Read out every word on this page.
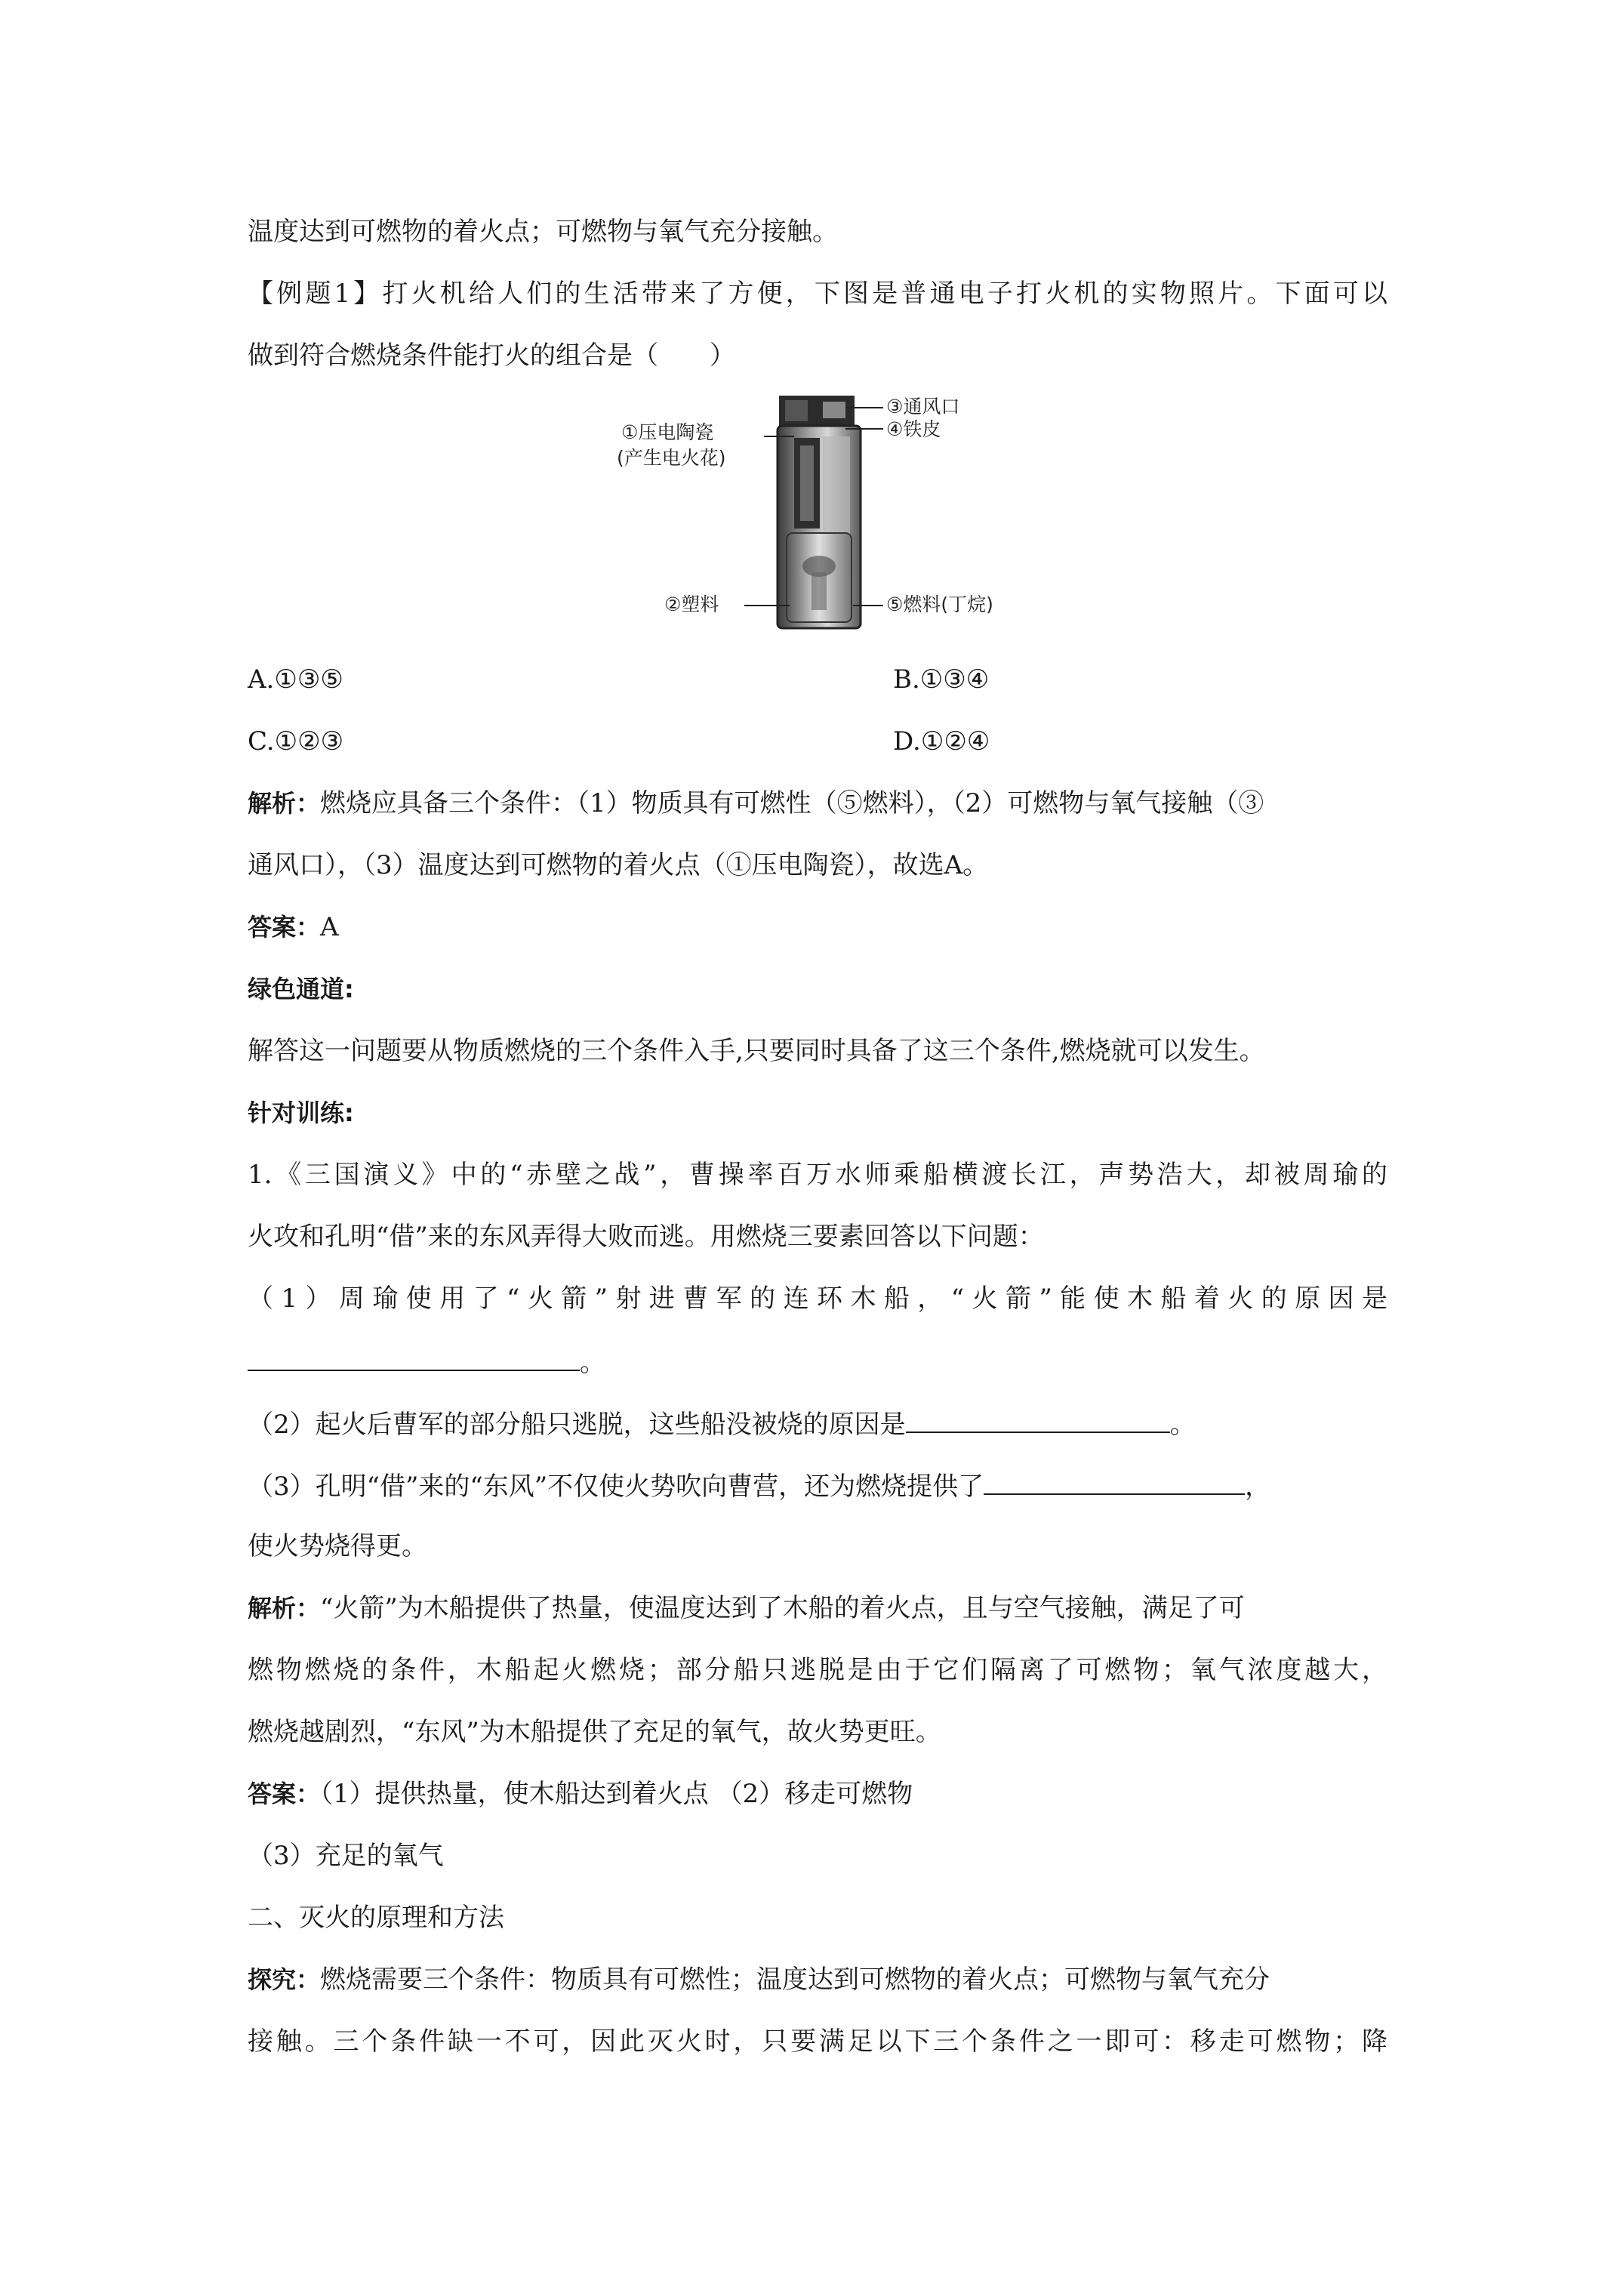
温度达到可燃物的着火点；可燃物与氧气充分接触。
【例题1】打火机给人们的生活带来了方便，下图是普通电子打火机的实物照片。下面可以
做到符合燃烧条件能打火的组合是（　　）
①压电陶瓷
(产生电火花)
③通风口
④铁皮
②塑料	⑤燃料(丁烷)
A.①③⑤	B.①③④
C.①②③	D.①②④
解析：燃烧应具备三个条件：（1）物质具有可燃性（⑤燃料），（2）可燃物与氧气接触（③
通风口），（3）温度达到可燃物的着火点（①压电陶瓷），故选A。
答案：A
绿色通道:
解答这一问题要从物质燃烧的三个条件入手,只要同时具备了这三个条件,燃烧就可以发生。
针对训练:
1.《三国演义》中的“赤壁之战”，曹操率百万水师乘船横渡长江，声势浩大，却被周瑜的
火攻和孔明“借”来的东风弄得大败而逃。用燃烧三要素回答以下问题：
（1）周瑜使用了“火箭”射进曹军的连环木船，“火箭”能使木船着火的原因是
。
（2）起火后曹军的部分船只逃脱，这些船没被烧的原因是	。
（3）孔明“借”来的“东风”不仅使火势吹向曹营，还为燃烧提供了	，
使火势烧得更。
解析：“火箭”为木船提供了热量，使温度达到了木船的着火点，且与空气接触，满足了可
燃物燃烧的条件，木船起火燃烧；部分船只逃脱是由于它们隔离了可燃物；氧气浓度越大，
燃烧越剧烈，“东风”为木船提供了充足的氧气，故火势更旺。
答案：（1）提供热量，使木船达到着火点 （2）移走可燃物
（3）充足的氧气
二、灭火的原理和方法
探究：燃烧需要三个条件：物质具有可燃性；温度达到可燃物的着火点；可燃物与氧气充分
接触。三个条件缺一不可，因此灭火时，只要满足以下三个条件之一即可：移走可燃物；降
